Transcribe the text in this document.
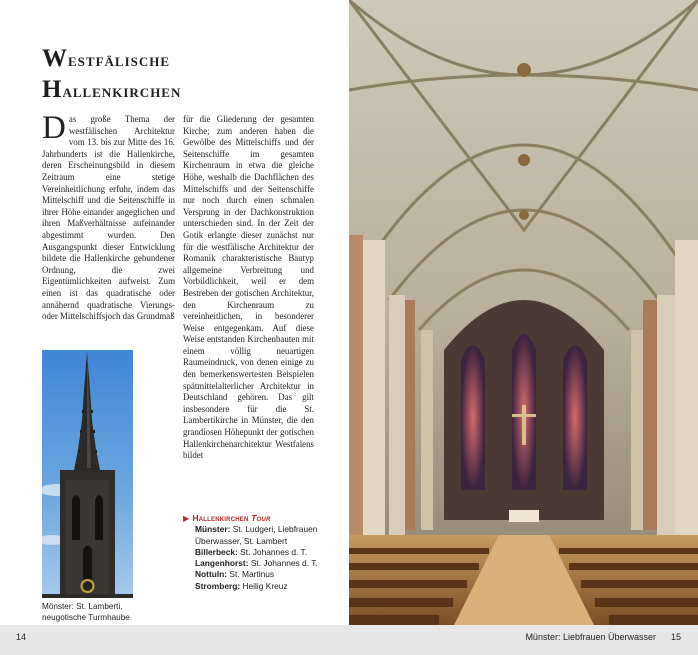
Westfälische
Hallenkirchen
Das große Thema der westfälischen Architektur vom 13. bis zur Mitte des 16. Jahrhunderts ist die Hallenkirche, deren Erscheinungsbild in diesem Zeitraum eine stetige Vereinheitlichung erfuhr, indem das Mittelschiff und die Seitenschiffe in ihrer Höhe einander angeglichen und ihren Maßverhältnisse aufeinander abgestimmt wurden. Den Ausgangspunkt dieser Entwicklung bildete die Hallenkirche gebundener Ordnung, die zwei Eigentümlichkeiten aufweist. Zum einen ist das quadratische oder annähernd quadratische Vierungs- oder Mittelschiffsjoch das Grundmaß
für die Gliederung der gesamten Kirche; zum anderen haben die Gewölbe des Mittelschiffs und der Seitenschiffe im gesamten Kirchenraum in etwa die gleiche Höhe, weshalb die Dachflächen des Mittelschiffs und der Seitenschiffe nur noch durch einen schmalen Versprung in der Dachkonstruktion unterschieden sind. In der Zeit der Gotik erlangte dieser zunächst nur für die westfälische Architektur der Romanik charakteristische Bautyp allgemeine Verbreitung und Vorbildlichkeit, weil er dem Bestreben der gotischen Architektur, den Kirchenraum zu vereinheitlichen, in besonderer Weise entgegenkam. Auf diese Weise entstanden Kirchenbauten mit einem völlig neuartigen Raumeindruck, von denen einige zu den bemerkenswertesten Beispielen spätmittelalterlicher Architektur in Deutschland gehören. Das gilt insbesondere für die St. Lambertikirche in Münster, die den grandiosen Höhepunkt der gotischen Hallenkirchenarchitektur Westfalens bildet
Mönster: St. Lamberti,
neugotische Turmhaube
▶ Hallenkirchen Tour
Münster: St. Ludgeri, Liebfrauen Überwasser, St. Lambert
Billerbeck: St. Johannes d. T.
Langenhorst: St. Johannes d. T.
Nottuln: St. Martinus
Stromberg: Heilig Kreuz
14	Münster: Liebfrauen Überwasser 15
